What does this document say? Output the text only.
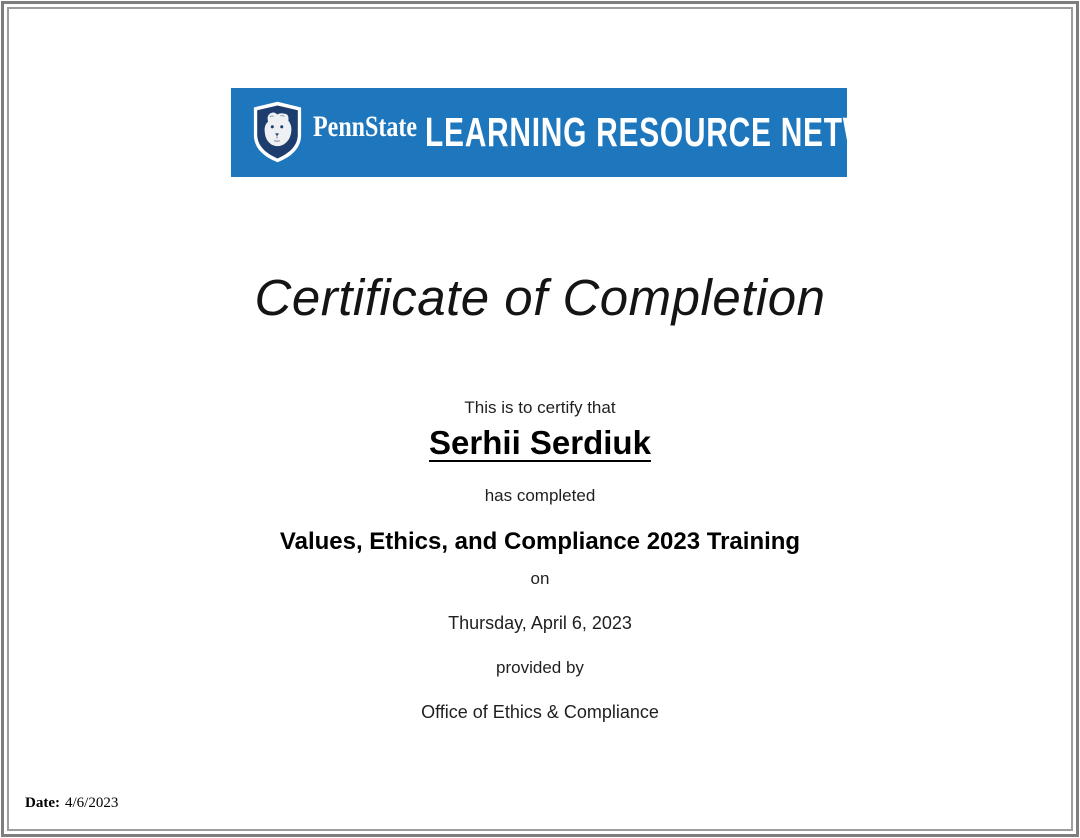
PennState LEARNING RESOURCE NETWORK
Certificate of Completion
This is to certify that
Serhii Serdiuk
has completed
Values, Ethics, and Compliance 2023 Training
on
Thursday, April 6, 2023
provided by
Office of Ethics & Compliance
Date: 4/6/2023
